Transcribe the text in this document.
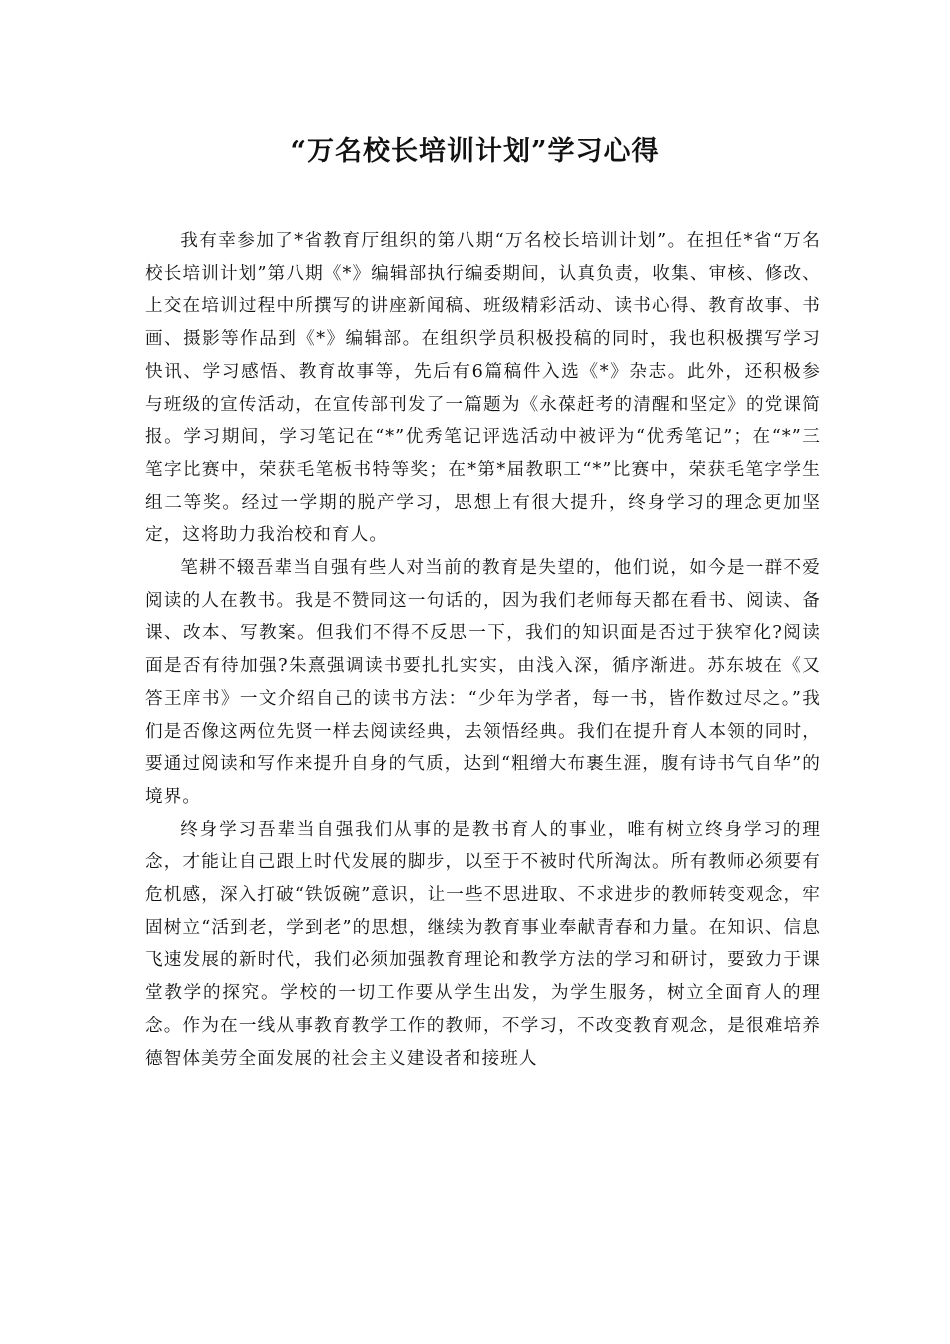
“万名校长培训计划”学习心得

我有幸参加了*省教育厅组织的第八期“万名校长培训计划”。在担任*省“万名校长培训计划”第八期《*》编辑部执行编委期间，认真负责，收集、审核、修改、上交在培训过程中所撰写的讲座新闻稿、班级精彩活动、读书心得、教育故事、书画、摄影等作品到《*》编辑部。在组织学员积极投稿的同时，我也积极撰写学习快讯、学习感悟、教育故事等，先后有6篇稿件入选《*》杂志。此外，还积极参与班级的宣传活动，在宣传部刊发了一篇题为《永葆赶考的清醒和坚定》的党课简报。学习期间，学习笔记在“*”优秀笔记评选活动中被评为“优秀笔记”；在“*”三笔字比赛中，荣获毛笔板书特等奖；在*第*届教职工“*”比赛中，荣获毛笔字学生组二等奖。经过一学期的脱产学习，思想上有很大提升，终身学习的理念更加坚定，这将助力我治校和育人。

笔耕不辍吾辈当自强有些人对当前的教育是失望的，他们说，如今是一群不爱阅读的人在教书。我是不赞同这一句话的，因为我们老师每天都在看书、阅读、备课、改本、写教案。但我们不得不反思一下，我们的知识面是否过于狭窄化?阅读面是否有待加强?朱熹强调读书要扎扎实实，由浅入深，循序渐进。苏东坡在《又答王庠书》一文介绍自己的读书方法：“少年为学者，每一书，皆作数过尽之。”我们是否像这两位先贤一样去阅读经典，去领悟经典。我们在提升育人本领的同时，要通过阅读和写作来提升自身的气质，达到“粗缯大布裹生涯，腹有诗书气自华”的境界。

终身学习吾辈当自强我们从事的是教书育人的事业，唯有树立终身学习的理念，才能让自己跟上时代发展的脚步，以至于不被时代所淘汰。所有教师必须要有危机感，深入打破“铁饭碗”意识，让一些不思进取、不求进步的教师转变观念，牢固树立“活到老，学到老”的思想，继续为教育事业奉献青春和力量。在知识、信息飞速发展的新时代，我们必须加强教育理论和教学方法的学习和研讨，要致力于课堂教学的探究。学校的一切工作要从学生出发，为学生服务，树立全面育人的理念。作为在一线从事教育教学工作的教师，不学习，不改变教育观念，是很难培养德智体美劳全面发展的社会主义建设者和接班人
